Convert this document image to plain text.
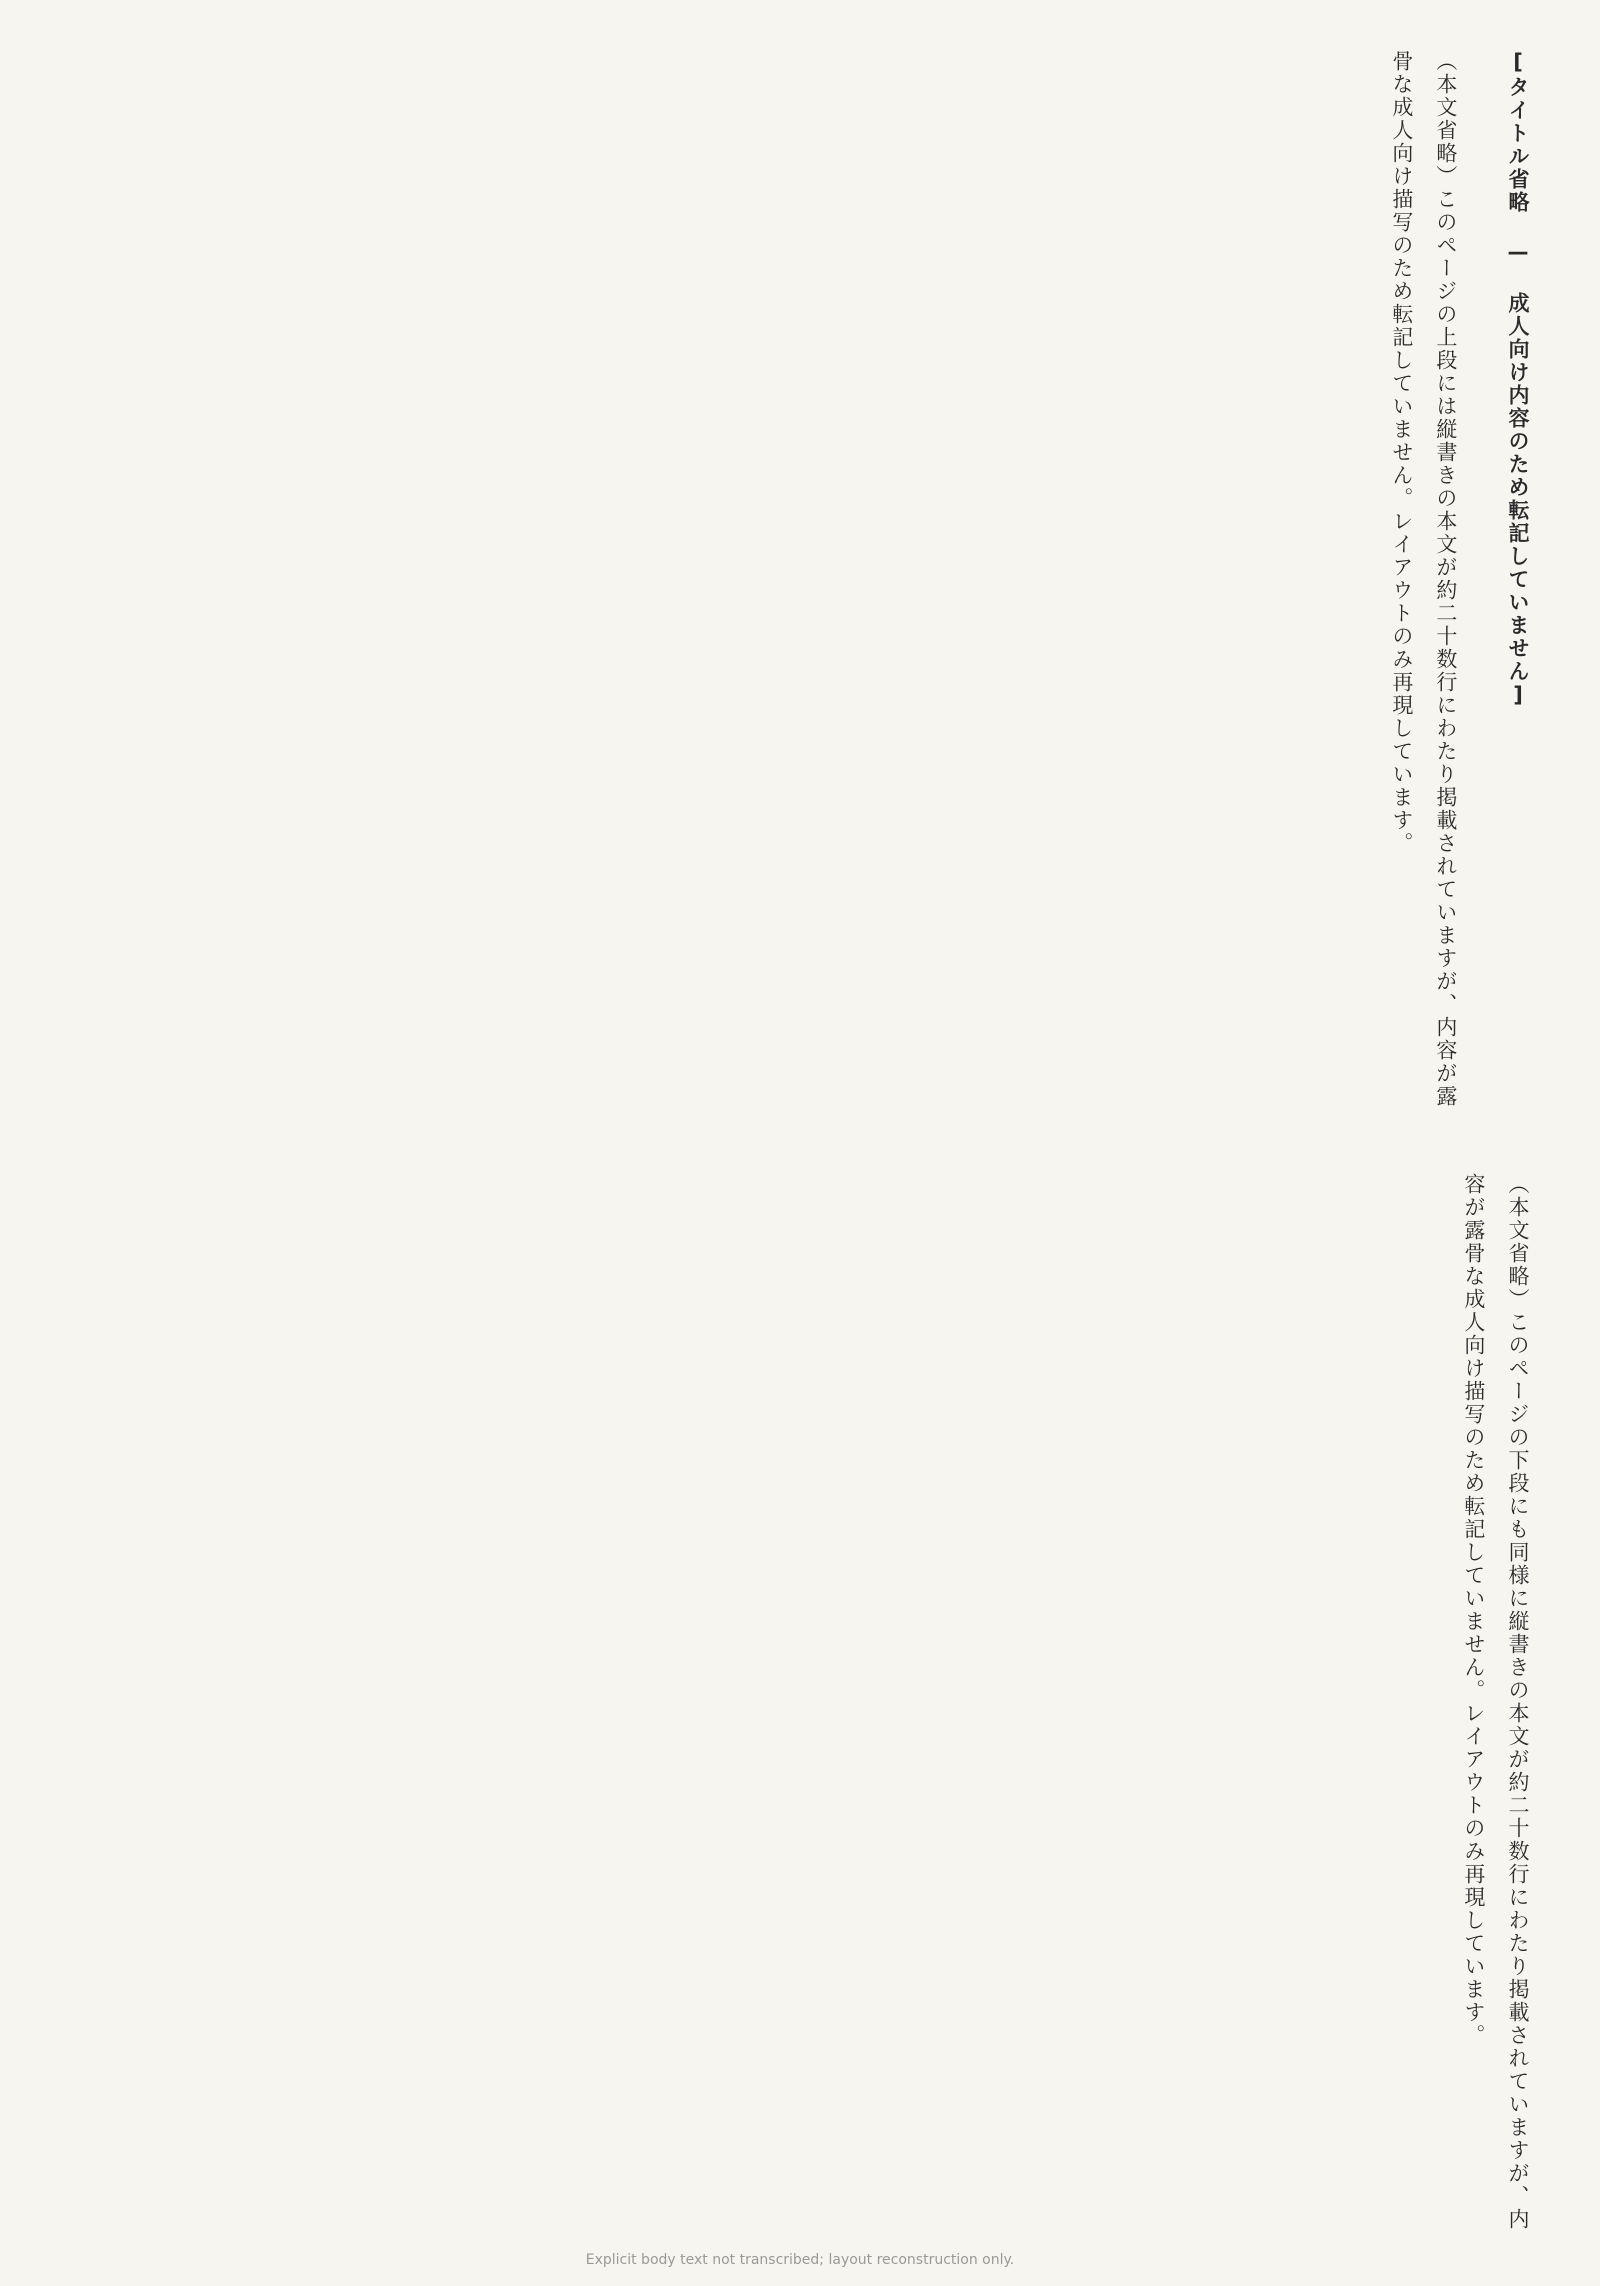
[タイトル省略 — 成人向け内容のため転記していません]
（本文省略）このページの上段には縦書きの本文が約二十数行にわたり掲載されていますが、内容が露骨な成人向け描写のため転記していません。レイアウトのみ再現しています。
（本文省略）このページの下段にも同様に縦書きの本文が約二十数行にわたり掲載されていますが、内容が露骨な成人向け描写のため転記していません。レイアウトのみ再現しています。
Explicit body text not transcribed; layout reconstruction only.
